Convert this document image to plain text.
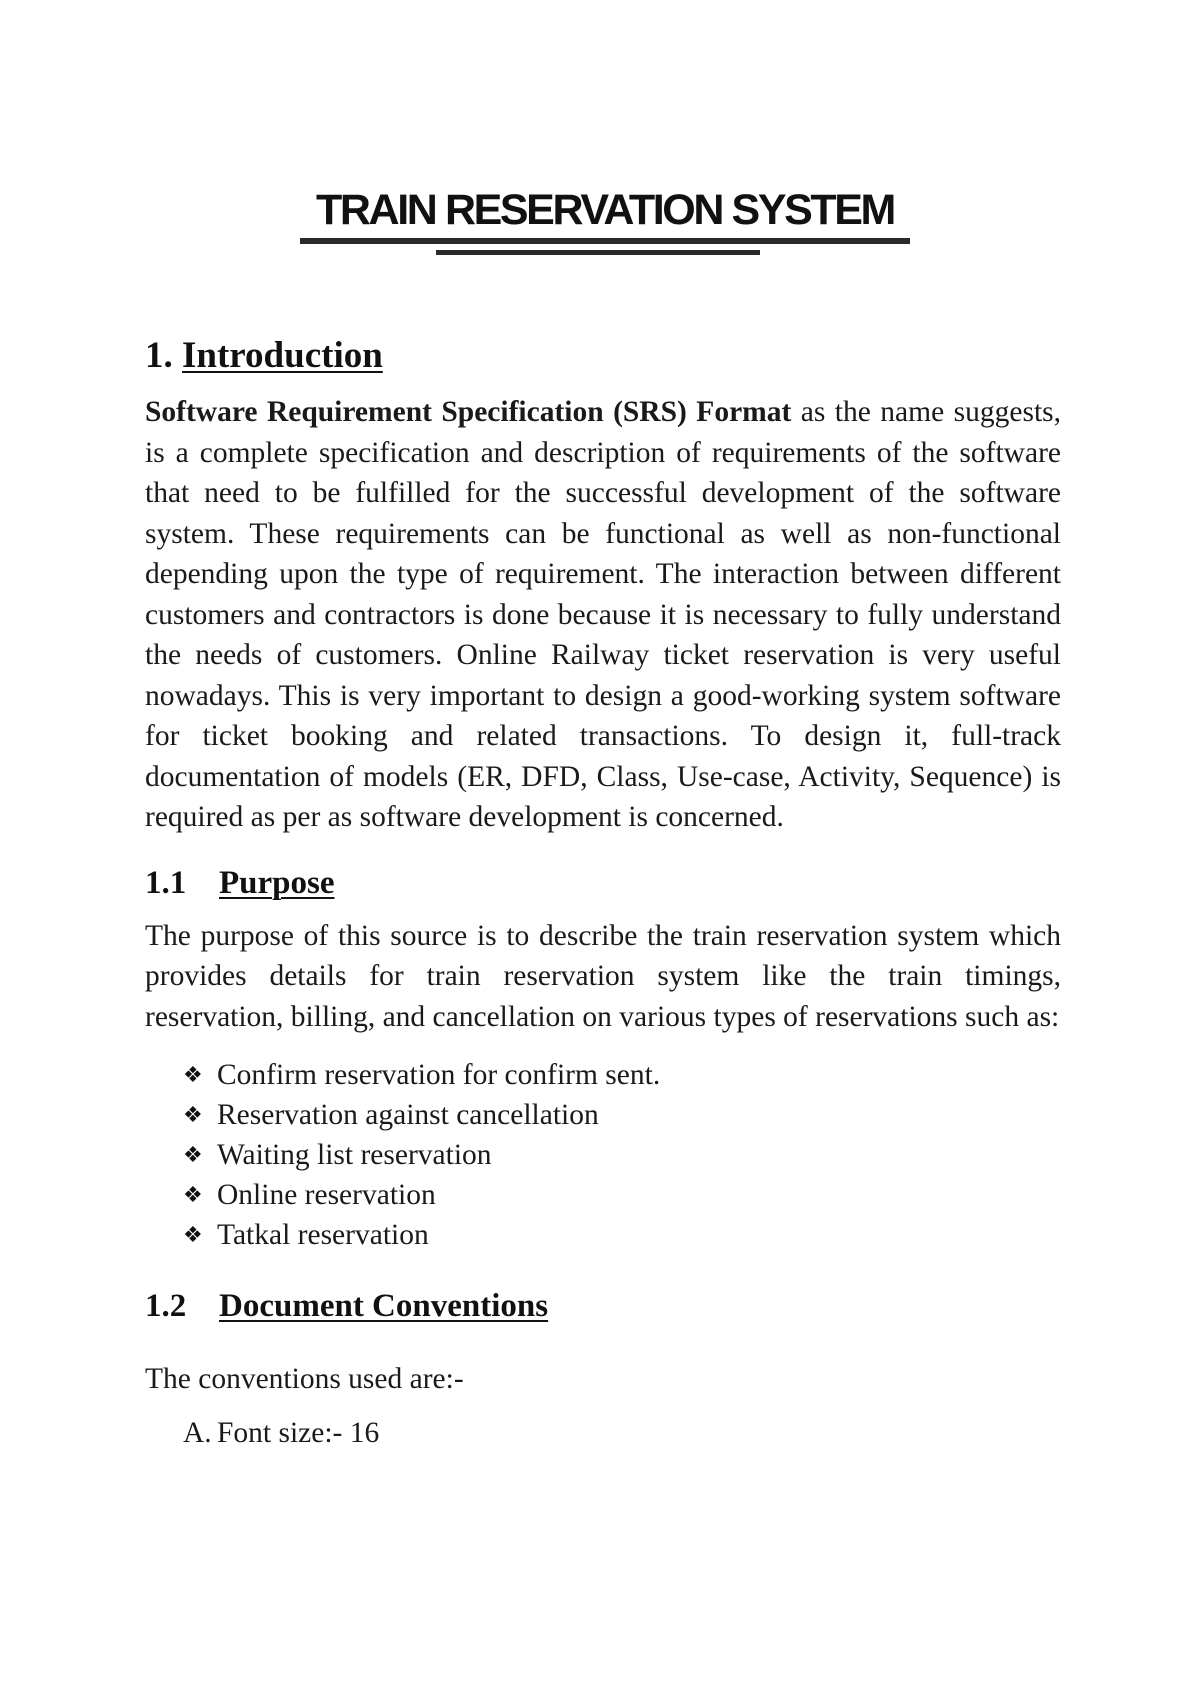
TRAIN RESERVATION SYSTEM
1. Introduction

Software Requirement Specification (SRS) Format as the name suggests, is a complete specification and description of requirements of the software that need to be fulfilled for the successful development of the software system. These requirements can be functional as well as non-functional depending upon the type of requirement. The interaction between different customers and contractors is done because it is necessary to fully understand the needs of customers. Online Railway ticket reservation is very useful nowadays. This is very important to design a good-working system software for ticket booking and related transactions. To design it, full-track documentation of models (ER, DFD, Class, Use-case, Activity, Sequence) is required as per as software development is concerned.

1.1 Purpose

The purpose of this source is to describe the train reservation system which provides details for train reservation system like the train timings, reservation, billing, and cancellation on various types of reservations such as:

❖ Confirm reservation for confirm sent.
❖ Reservation against cancellation
❖ Waiting list reservation
❖ Online reservation
❖ Tatkal reservation
1.2 Document Conventions

The conventions used are:-

A. Font size:- 16
